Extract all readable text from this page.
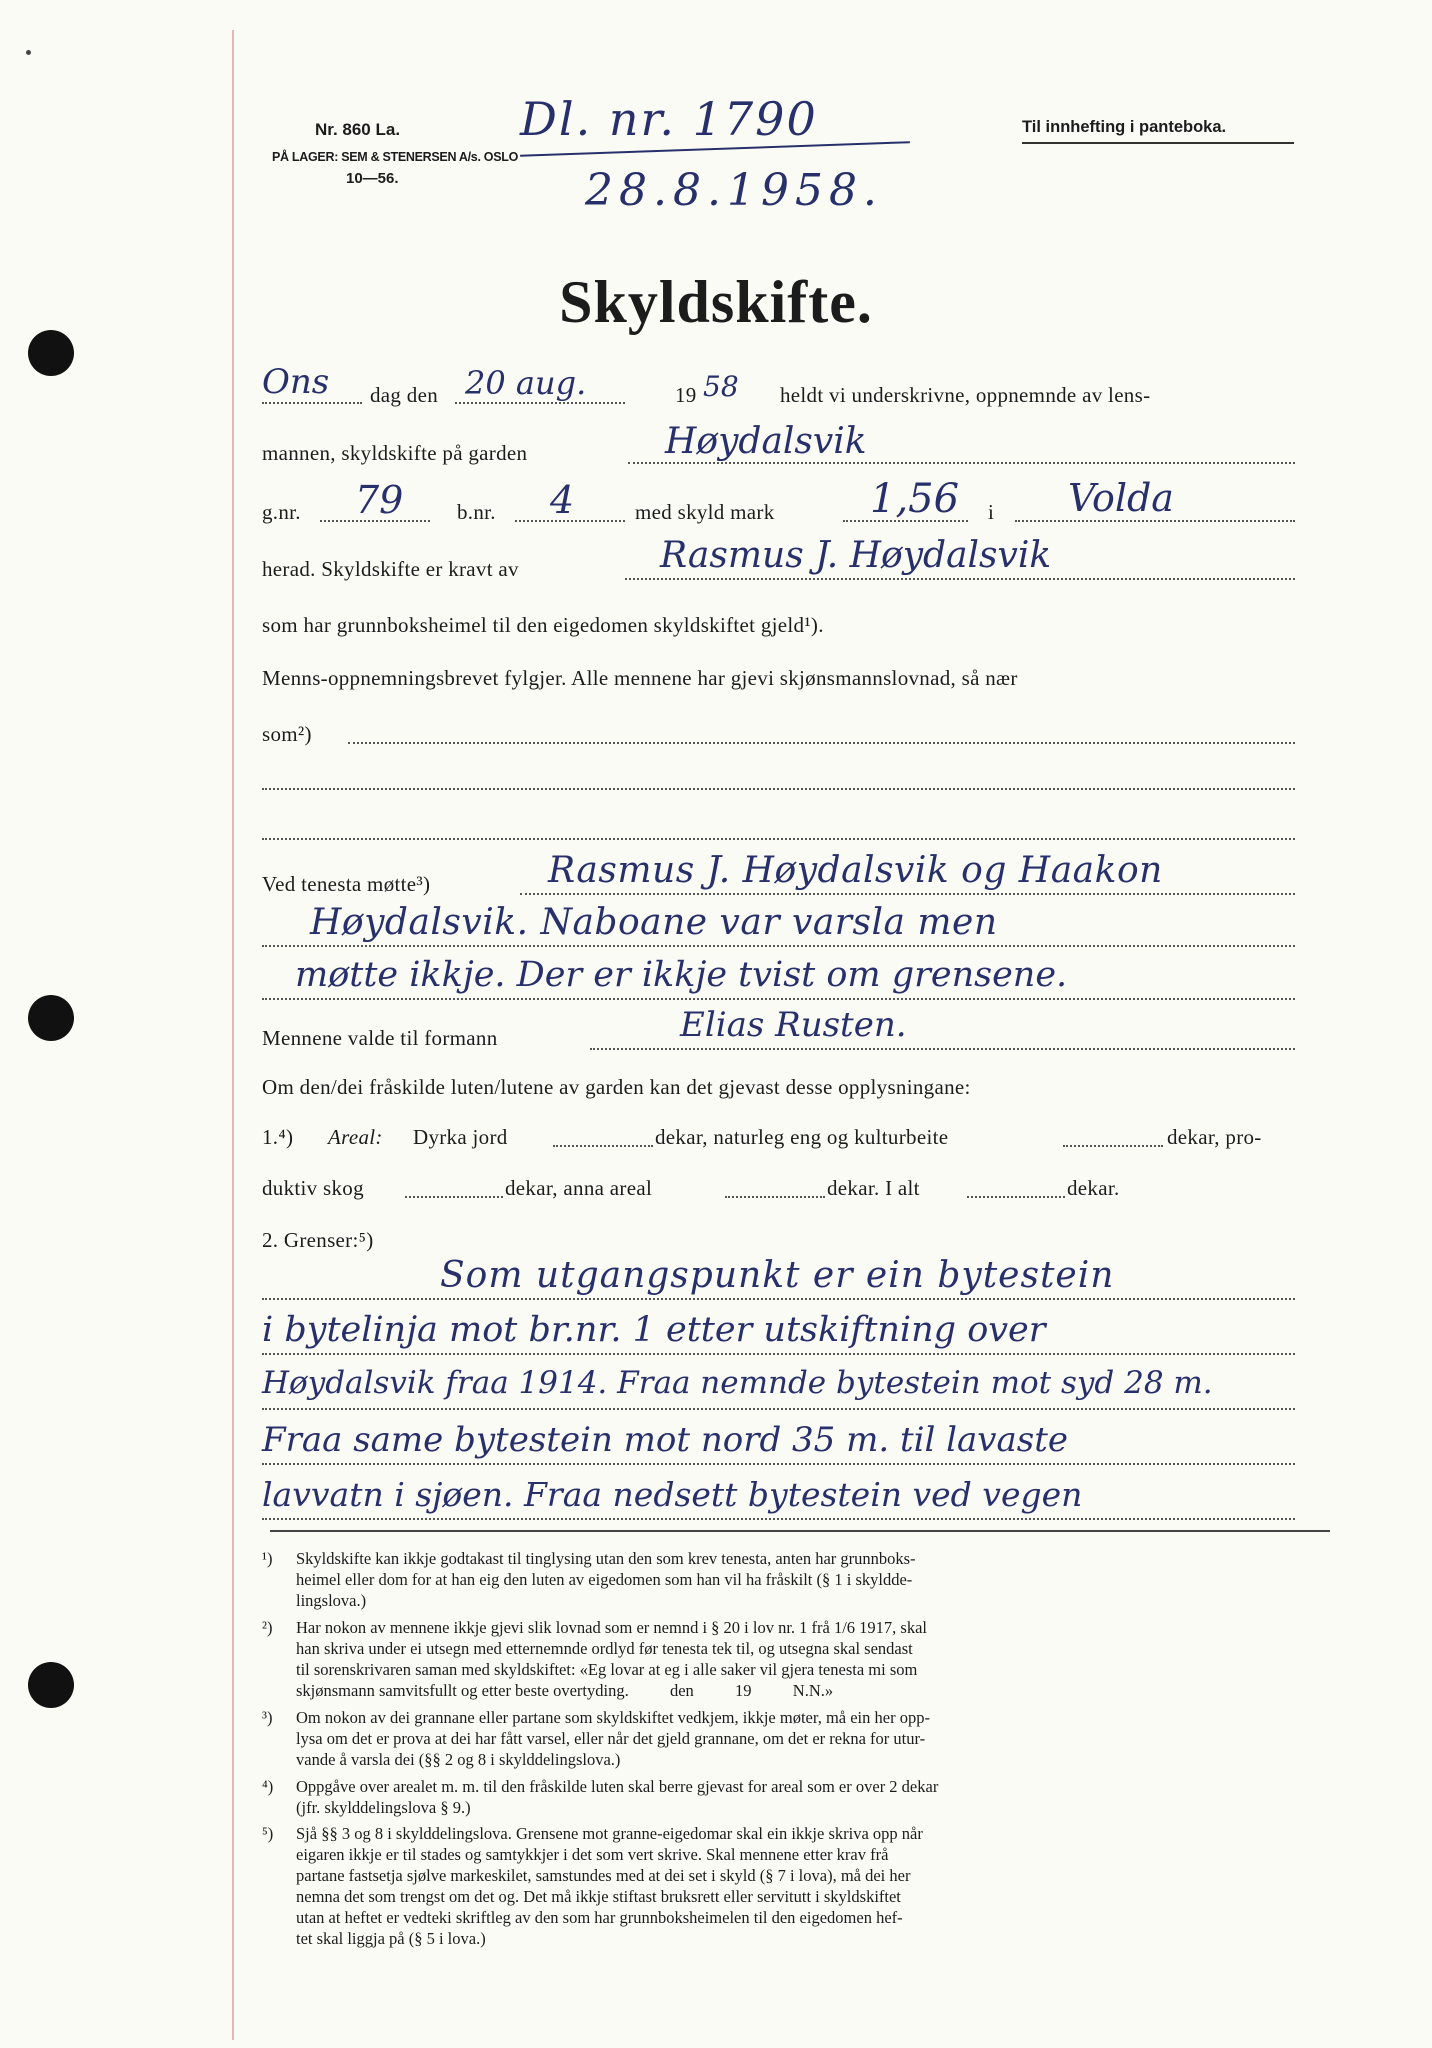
Nr. 860 La.
PÅ LAGER: SEM & STENERSEN A/s. OSLO
10—56.
Dl. nr. 1790
28.8.1958.
Til innhefting i panteboka.
Skyldskifte.
Ons dag den 20 aug.	19 58 heldt vi underskrivne, oppnemnde av lens-
mannen, skyldskifte på garden	Høydalsvik
g.nr. 79	b.nr. 4	med skyld mark 1,56 i Volda
herad. Skyldskifte er kravt av	Rasmus J. Høydalsvik
som har grunnboksheimel til den eigedomen skyldskiftet gjeld¹).
Menns-oppnemningsbrevet fylgjer. Alle mennene har gjevi skjønsmannslovnad, så nær
som²)
Ved tenesta møtte³)	Rasmus J. Høydalsvik og Haakon
Høydalsvik. Naboane var varsla men
møtte ikkje. Der er ikkje tvist om grensene.
Mennene valde til formann	Elias Rusten.
Om den/dei fråskilde luten/lutene av garden kan det gjevast desse opplysningane:
1.⁴) Areal: Dyrka jord	dekar, naturleg eng og kulturbeite	dekar, pro-
duktiv skog	dekar, anna areal	dekar. I alt	dekar.
2. Grenser:⁵)
Som utgangspunkt er ein bytestein
i bytelinja mot br.nr. 1 etter utskiftning over
Høydalsvik fraa 1914. Fraa nemnde bytestein mot syd 28 m.
Fraa same bytestein mot nord 35 m. til lavaste
lavvatn i sjøen. Fraa nedsett bytestein ved vegen
¹)	Skyldskifte kan ikkje godtakast til tinglysing utan den som krev tenesta, anten har grunnboks-
heimel eller dom for at han eig den luten av eigedomen som han vil ha fråskilt (§ 1 i skyldde-
lingslova.)
²)	Har nokon av mennene ikkje gjevi slik lovnad som er nemnd i § 20 i lov nr. 1 frå 1/6 1917, skal
han skriva under ei utsegn med etternemnde ordlyd før tenesta tek til, og utsegna skal sendast
til sorenskrivaren saman med skyldskiftet: «Eg lovar at eg i alle saker vil gjera tenesta mi som
skjønsmann samvitsfullt og etter beste overtyding.          den          19          N.N.»
³)	Om nokon av dei grannane eller partane som skyldskiftet vedkjem, ikkje møter, må ein her opp-
lysa om det er prova at dei har fått varsel, eller når det gjeld grannane, om det er rekna for utur-
vande å varsla dei (§§ 2 og 8 i skylddelingslova.)
⁴)	Oppgåve over arealet m. m. til den fråskilde luten skal berre gjevast for areal som er over 2 dekar
(jfr. skylddelingslova § 9.)
⁵)	Sjå §§ 3 og 8 i skylddelingslova. Grensene mot granne-eigedomar skal ein ikkje skriva opp når
eigaren ikkje er til stades og samtykkjer i det som vert skrive. Skal mennene etter krav frå
partane fastsetja sjølve markeskilet, samstundes med at dei set i skyld (§ 7 i lova), må dei her
nemna det som trengst om det og. Det må ikkje stiftast bruksrett eller servitutt i skyldskiftet
utan at heftet er vedteki skriftleg av den som har grunnboksheimelen til den eigedomen hef-
tet skal liggja på (§ 5 i lova.)
